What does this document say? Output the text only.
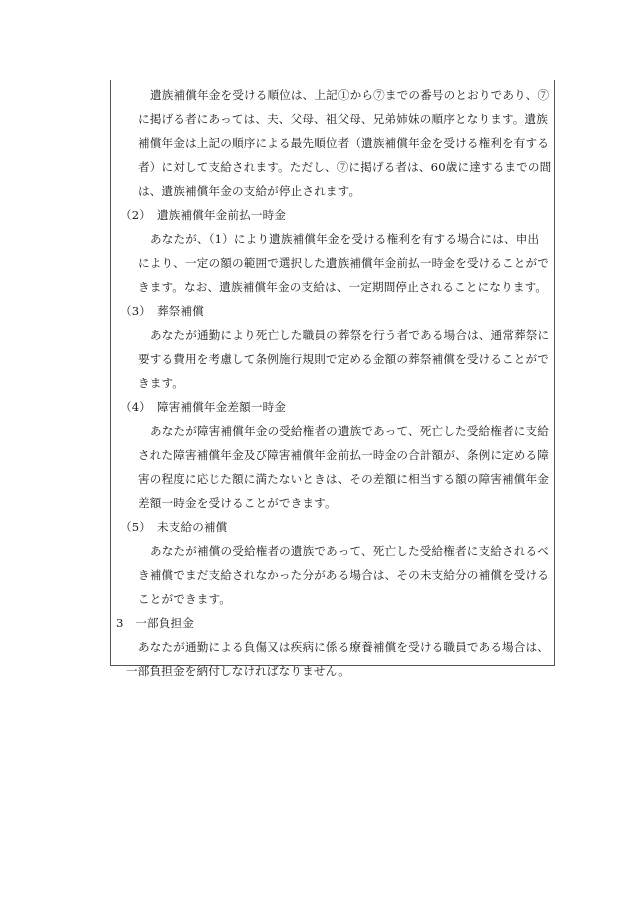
遺族補償年金を受ける順位は、上記①から⑦までの番号のとおりであり、⑦
に掲げる者にあっては、夫、父母、祖父母、兄弟姉妹の順序となります。遺族
補償年金は上記の順序による最先順位者（遺族補償年金を受ける権利を有する
者）に対して支給されます。ただし、⑦に掲げる者は、60歳に達するまでの間
は、遺族補償年金の支給が停止されます。
（2）　遺族補償年金前払一時金
あなたが、（1）により遺族補償年金を受ける権利を有する場合には、申出
により、一定の額の範囲で選択した遺族補償年金前払一時金を受けることがで
きます。なお、遺族補償年金の支給は、一定期間停止されることになります。
（3）　葬祭補償
あなたが通勤により死亡した職員の葬祭を行う者である場合は、通常葬祭に
要する費用を考慮して条例施行規則で定める金額の葬祭補償を受けることがで
きます。
（4）　障害補償年金差額一時金
あなたが障害補償年金の受給権者の遺族であって、死亡した受給権者に支給
された障害補償年金及び障害補償年金前払一時金の合計額が、条例に定める障
害の程度に応じた額に満たないときは、その差額に相当する額の障害補償年金
差額一時金を受けることができます。
（5）　未支給の補償
あなたが補償の受給権者の遺族であって、死亡した受給権者に支給されるべ
き補償でまだ支給されなかった分がある場合は、その未支給分の補償を受ける
ことができます。
3　一部負担金
あなたが通勤による負傷又は疾病に係る療養補償を受ける職員である場合は、
一部負担金を納付しなければなりません。
